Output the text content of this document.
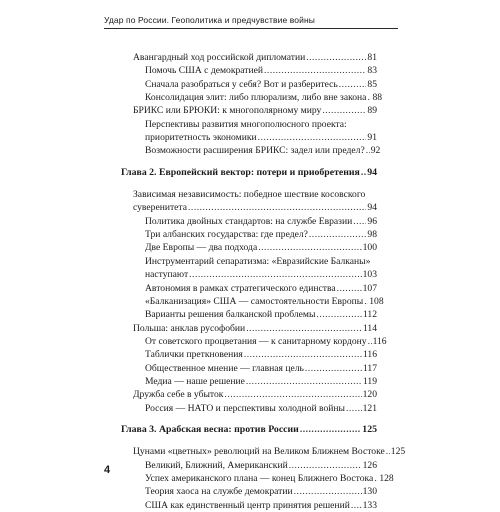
Удар по России. Геополитика и предчувствие войны
Авангардный ход российской дипломатии .....	81
Помочь США с демократией .....	83
Сначала разобраться у себя? Вот и разберитесь .....	85
Консолидация элит: либо плюрализм, либо вне закона ..... 88
БРИКС или БРЮКИ: к многополярному миру .....	89
Перспективы развития многополюсного проекта:
приоритетность экономики .....	91
Возможности расширения БРИКС: задел или предел? ..... 92
Глава 2. Европейский вектор: потери и приобретения ..... 94
Зависимая независимость: победное шествие косовского
суверенитета .....	94
Политика двойных стандартов: на службе Евразии ..... 96
Три албанских государства: где предел? .....	98
Две Европы — два подхода .....	100
Инструментарий сепаратизма: «Евразийские Балканы»
наступают .....	103
Автономия в рамках стратегического единства .....	107
«Балканизация» США — самостоятельности Европы ..... 108
Варианты решения балканской проблемы .....	112
Польша: анклав русофобии .....	114
От советского процветания — к санитарному кордону ..... 116
Таблички преткновения .....	116
Общественное мнение — главная цель .....	117
Медиа — наше решение .....	119
Дружба себе в убыток .....	120
Россия — НАТО и перспективы холодной войны ..... 121
Глава 3. Арабская весна: против России .....	125
Цунами «цветных» революций на Великом Ближнем Востоке ..... 125
Великий, Ближний, Американский .....	126
Успех американского плана — конец Ближнего Востока ..... 128
Теория хаоса на службе демократии .....	130
США как единственный центр принятия решений ..... 133
4
